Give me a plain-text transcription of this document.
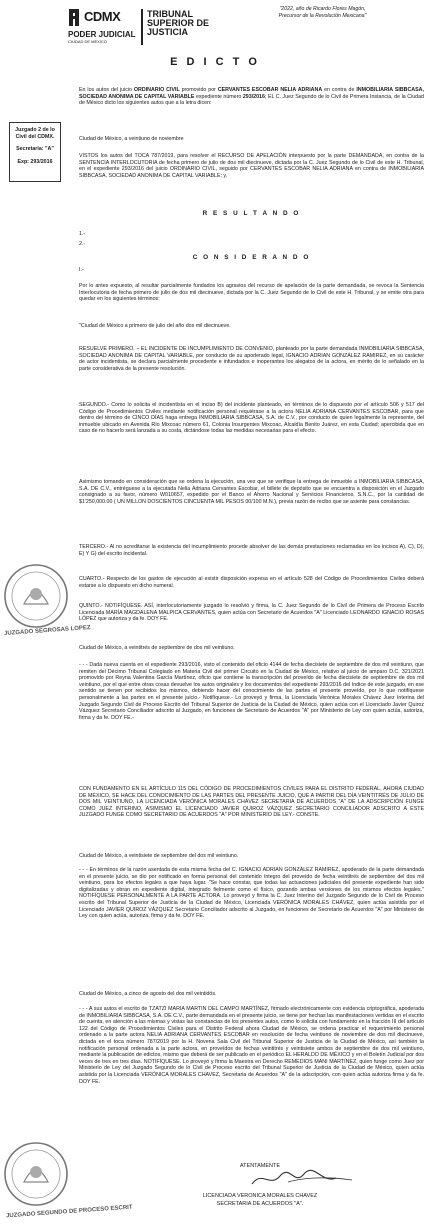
CDMX
PODER JUDICIAL
CIUDAD DE MÉXICO
TRIBUNAL
SUPERIOR DE
JUSTICIA
"2022, año de Ricardo Flores Magón,
Precursor de la Revolución Mexicana"
E D I C T O
Juzgado 2 de lo
Civil del CDMX.
Secretaria: "A"
Exp: 293/2016
En los autos del juicio ORDINARIO CIVIL promovido por CERVANTES ESCOBAR NELIA ADRIANA en contra de INMOBILIARIA SIBBCASA, SOCIEDAD ANONIMA DE CAPITAL VARIABLE expediente número 293/2016; EL C. Juez Segundo de lo Civil de Primera Instancia, de la Ciudad de México dicto los siguientes autos que a la letra dicen:
Ciudad de México, a veintiuno de noviembre
VISTOS los autos del TOCA 787/2019, para resolver el RECURSO DE APELACIÓN interpuesto por la parte DEMANDADA, en contra de la SENTENCIA INTERLOCUTORIA de fecha primero de julio de dos mil diecinueve, dictada por la C. Juez Segundo de lo Civil de este H. Tribunal, en el expediente 293/2016 del juicio ORDINARIO CIVIL, seguido por CERVANTES ESCOBAR NELIA ADRIANA en contra de INMOBILIARIA SIBBCASA, SOCIEDAD ANONIMA DE CAPITAL VARIABLE; y,
R E S U L T A N D O
1.-
2.-
C O N S I D E R A N D O
I.-
Por lo antes expuesto, al resultar parcialmente fundados los agravios del recurso de apelación de la parte demandada, se revoca la Sentencia Interlocutoria de fecha primero de julio de dos mil diecinueve, dictada por la C. Juez Segundo de lo Civil de este H. Tribunal, y se emite otra para quedar en los siguientes términos:
"Ciudad de México a primero de julio del año dos mil diecinueve.
RESUELVE PRIMERO. – EL INCIDENTE DE INCUMPLIMIENTO DE CONVENIO, planteado por la parte demandada INMOBILIARIA SIBBCASA, SOCIEDAD ANONIMA DE CAPITAL VARIABLE, por conducto de su apoderado legal, IGNACIO ADRIAN GONZÁLEZ RAMIREZ, en su carácter de actor incidentista, se declara parcialmente procedente e infundados e inoperantes los alegatos de la actora, en mérito de lo señalado en la parte considerativa de la presente resolución.
SEGUNDO.- Como lo solicita el incidentista en el inciso B) del incidente planteado, en términos de lo dispuesto por el artículo 506 y 517 del Código de Procedimientos Civiles mediante notificación personal requiérase a la actora NELIA ADRIANA CERVANTES ESCOBAR, para que dentro del término de CINCO DÍAS haga entrega INMOBILIARIA SIBBCASA, S.A. de C.V., por conducto de quien legalmente la represente, del inmueble ubicado en Avenida Río Mixcoac número 61, Colonia Insurgentes Mixcoac, Alcaldía Benito Juárez, en esta Ciudad; apercibida que en caso de no hacerlo será lanzada a su costa, dictándose todas las medidas necesarias para el efecto.
Asimismo tomando en consideración que se ordena la ejecución, una vez que se verifique la entrega de inmueble a INMOBILIARIA SIBBCASA, S.A. DE C.V., entréguese a la ejecutada Nelia Adriana Cervantes Escobar, el billete de depósito que se encuentra a disposición en el Juzgado consignado a su favor, número W010657, expedido por el Banco el Ahorro Nacional y Servicios Financieros, S.N.C., por la cantidad de $1'250,000.00 ( UN MILLON DOSCIENTOS CINCUENTA MIL PESOS 00/100 M.N.), previa razón de recibo que se asiente para constancias.
TERCERO.- Al no acreditarse la existencia del incumplimiento procede absolver de las demás prestaciones reclamadas en los incisos A), C), D), E) Y G) del escrito incidental.
CUARTO.- Respecto de los gastos de ejecución al existir disposición expresa en el artículo 528 del Código de Procedimientos Civiles deberá estarse a lo dispuesto en dicho numeral.
QUINTO.- NOTIFÍQUESE. ASÍ, interlocutoriamente juzgado lo resolvió y firma, la C. Juez Segundo de lo Civil de Primera de Proceso Escrito Licenciada MARÍA MAGDALENA MALPICA CERVANTES, quien actúa con Secretario de Acuerdos "A" Licenciado LEONARDO IGNACIO ROSAS LÓPEZ que autoriza y da fe. DOY FE.
Ciudad de México, a veintitrés de septiembre de dos mil veintiuno.
- - - Dada nueva cuenta en el expediente 293/2016, visto el contenido del oficio 4144 de fecha diecisiete de septiembre de dos mil veintiuno, que remiten del Décimo Tribunal Colegiado en Materia Civil del primer Circuito en la Ciudad de México, relativo al juicio de amparo D.C. 321/2021 promovido por Reyna Valentina García Martínez, oficio que contiene la transcripción del proveído de fecha diecisiete de septiembre de dos mil veintiuno, por el que entre otras cosas devuelve los autos originales y los documentos del expediente 293/2016 del índice de este juzgado, en ese sentido se tienen por recibidos los mismos, debiendo hacer del conocimiento de las partes el presente proveído, por lo que notifíquese personalmente a las partes en el presente juicio.- Notifíquese.- Lo proveyó y firma, la Licenciada Verónica Morales Chávez Juez Interina del Juzgado Segundo Civil de Proceso Escrito del Tribunal Superior de Justicia de la Ciudad de México, quien actúa con el Licenciado Javier Quiroz Vázquez Secretario Conciliador adscrito al Juzgado, en funciones de Secretario de Acuerdos "A" por Ministerio de Ley con quien actúa, autoriza, firma y da fe. DOY FE.-
CON FUNDAMENTO EN EL ARTÍCULO 115 DEL CÓDIGO DE PROCEDIMIENTOS CIVILES PARA EL DISTRITO FEDERAL, AHORA CIUDAD DE MÉXICO, SE HACE DEL CONOCIMIENTO DE LAS PARTES DEL PRESENTE JUICIO, QUE A PARTIR DEL DÍA VEINTITRÉS DE JULIO DE DOS MIL VEINTIUNO, LA LICENCIADA VERÓNICA MORALES CHÁVEZ SECRETARIA DE ACUERDOS "A" DE LA ADSCRIPCIÓN FUNGE COMO JUEZ INTERINO, ASIMISMO EL LICENCIADO JAVIER QUIROZ VÁZQUEZ SECRETARIO CONCILIADOR ADSCRITO A ESTE JUZGADO FUNGE COMO SECRETARIO DE ACUERDOS "A" POR MINISTERIO DE LEY.- CONSTE.
Ciudad de México, a veintisiete de septiembre del dos mil veintiuno.
- - - En términos de la razón asentada de esta misma fecha del C. IGNACIO ADRIAN GONZÁLEZ RAMIREZ, apoderado de la parte demandada en el presente juicio, se dio por notificado en forma personal del contenido íntegro del proveído de fecha veintitrés de septiembre del dos mil veintiuno, para los efectos legales a que haya lugar. "Se hace constar, que todas las actuaciones judiciales del presente expediente han sido digitalizadas y obran en expediente digital, integrado fielmente como el físico, gozando ambas versiones de los mismos efectos legales." NOTIFÍQUESE PERSONALMENTE A LA PARTE ACTORA. Lo proveyó y firma la C. Juez Interino del Juzgado Segundo de lo Civil de Proceso escrito del Tribunal Superior de Justicia de la Ciudad de México, Licenciada VERÓNICA MORALES CHÁVEZ, quien actúa asistida por el Licenciado JAVIER QUIROZ VÁZQUEZ Secretario Conciliador adscrito al Juzgado, en funciones de Secretario de Acuerdos "A" por Ministerio de Ley con quien actúa, autoriza, firma y da fe. DOY FE.
Ciudad de México, a cinco de agosto del dos mil veintidós.
- - - A sus autos el escrito de TZATZI MARIA MARTIN DEL CAMPO MARTÍNEZ, firmado electrónicamente con evidencia criptográfica, apoderada de INMOBILIARIA SIBBCASA, S.A. DE C.V., parte demandada en el presente juicio, se tiene por hechas las manifestaciones vertidas en el escrito de cuenta, en atención a las mismas y vistas las constancias de los presentes autos, como lo solicita con fundamento en la fracción III del artículo 122 del Código de Procedimientos Civiles para el Distrito Federal ahora Ciudad de México, se ordena practicar el requerimiento personal ordenado a la parte actora NELIA ADRIANA CERVANTES ESCOBAR en resolución de fecha veintiuno de noviembre de dos mil diecinueve, dictada en el toca número 787/2019 por la H. Novena Sala Civil del Tribunal Superior de Justicia de la Ciudad de México, así también la notificación personal ordenada a la parte actora, en proveídos de fechas veintitrés y veintisiete ambos de septiembre de dos mil veintiuno, mediante la publicación de edictos, mismo que deberá de ser publicado en el periódico EL HERALDO DE MÉXICO y en el Boletín Judicial por dos veces de tres en tres días. NOTIFÍQUESE. Lo proveyó y firma la Maestra en Derecho REMEDIOS MANI MARTÍNEZ, quien funge como Juez por Ministerio de Ley del Juzgado Segundo de lo Civil de Proceso escrito del Tribunal Superior de Justicia de la Ciudad de México, quien actúa asistida por la Licenciada VERÓNICA MORALES CHAVEZ, Secretaria de Acuerdos "A" de la adscripción, con quien actúa autoriza firma y da fe. DOY FE.
JUZGADO SEGROSAS LOPEZ
JUZGADO SEGUNDO DE PROCESO ESCRIT
ATENTAMENTE
LICENCIADA VERONICA MORALES CHAVEZ
SECRETARIA DE ACUERDOS "A".
